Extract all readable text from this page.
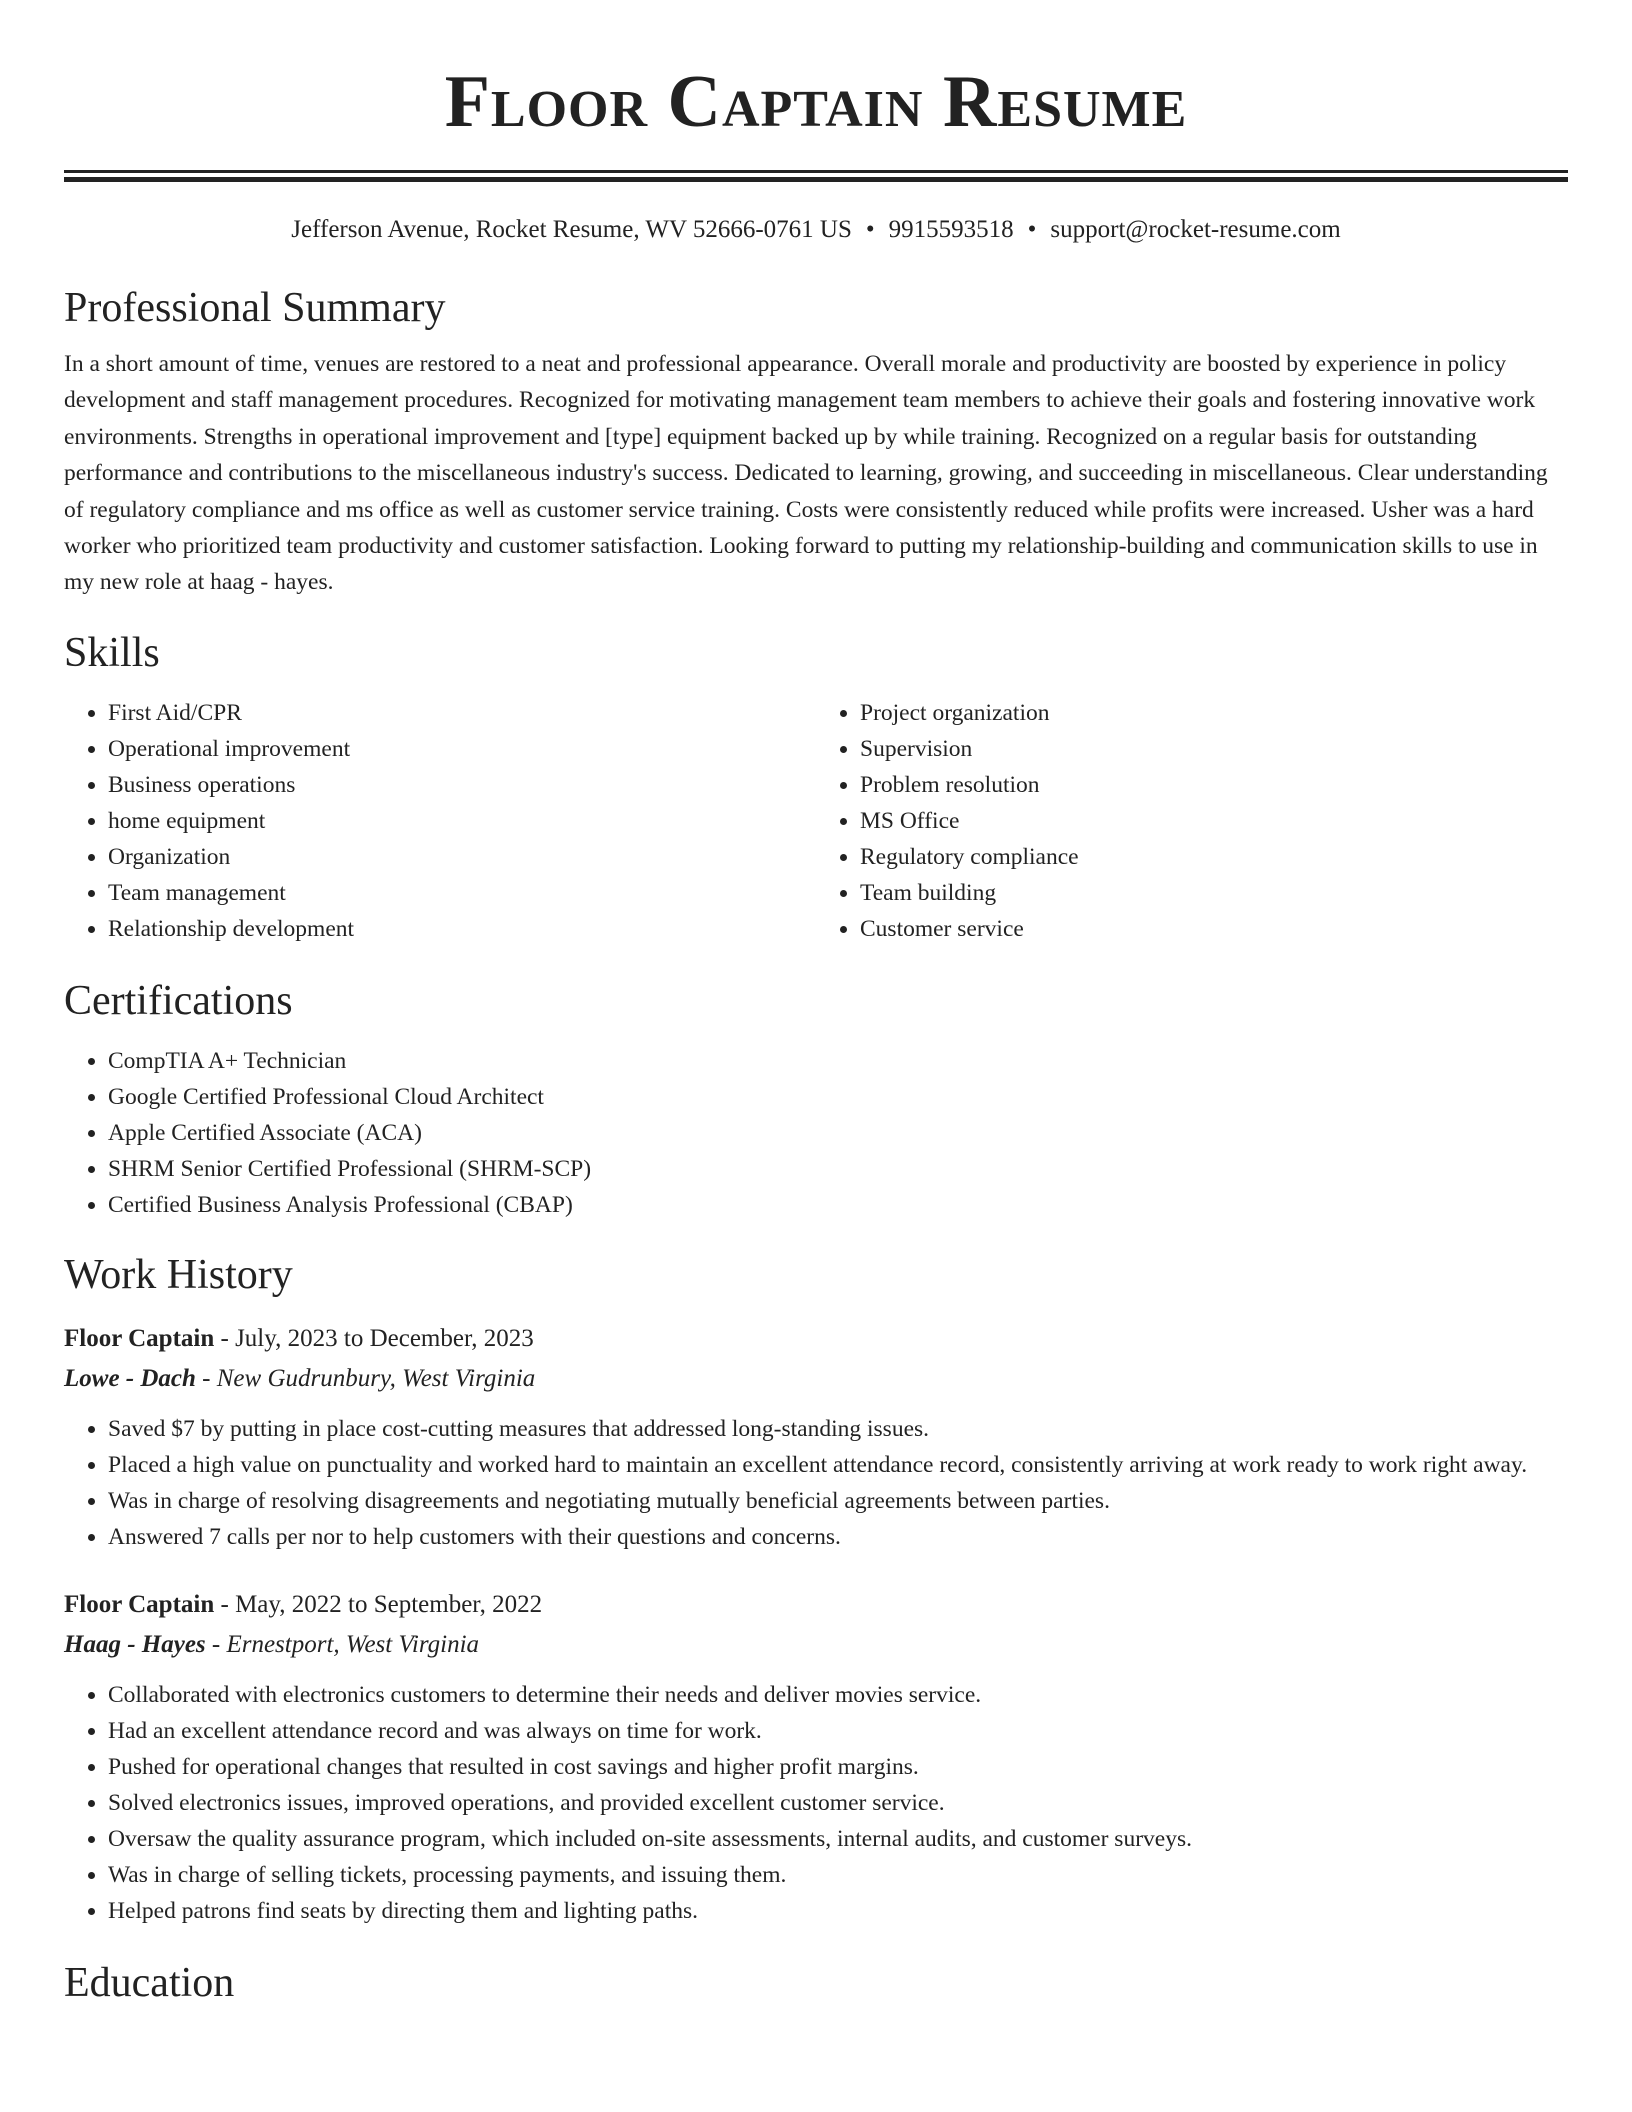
Floor Captain Resume
Jefferson Avenue, Rocket Resume, WV 52666-0761 US • 9915593518 • support@rocket-resume.com
Professional Summary

In a short amount of time, venues are restored to a neat and professional appearance. Overall morale and productivity are boosted by experience in policy development and staff management procedures. Recognized for motivating management team members to achieve their goals and fostering innovative work environments. Strengths in operational improvement and [type] equipment backed up by while training. Recognized on a regular basis for outstanding performance and contributions to the miscellaneous industry's success. Dedicated to learning, growing, and succeeding in miscellaneous. Clear understanding of regulatory compliance and ms office as well as customer service training. Costs were consistently reduced while profits were increased. Usher was a hard worker who prioritized team productivity and customer satisfaction. Looking forward to putting my relationship-building and communication skills to use in my new role at haag - hayes.

Skills
• First Aid/CPR
• Operational improvement
• Business operations
• home equipment
• Organization
• Team management
• Relationship development
• Project organization
• Supervision
• Problem resolution
• MS Office
• Regulatory compliance
• Team building
• Customer service
Certifications
• CompTIA A+ Technician
• Google Certified Professional Cloud Architect
• Apple Certified Associate (ACA)
• SHRM Senior Certified Professional (SHRM-SCP)
• Certified Business Analysis Professional (CBAP)
Work History
Floor Captain - July, 2023 to December, 2023
Lowe - Dach - New Gudrunbury, West Virginia
• Saved $7 by putting in place cost-cutting measures that addressed long-standing issues.
• Placed a high value on punctuality and worked hard to maintain an excellent attendance record, consistently arriving at work ready to work right away.
• Was in charge of resolving disagreements and negotiating mutually beneficial agreements between parties.
• Answered 7 calls per nor to help customers with their questions and concerns.
Floor Captain - May, 2022 to September, 2022
Haag - Hayes - Ernestport, West Virginia
• Collaborated with electronics customers to determine their needs and deliver movies service.
• Had an excellent attendance record and was always on time for work.
• Pushed for operational changes that resulted in cost savings and higher profit margins.
• Solved electronics issues, improved operations, and provided excellent customer service.
• Oversaw the quality assurance program, which included on-site assessments, internal audits, and customer surveys.
• Was in charge of selling tickets, processing payments, and issuing them.
• Helped patrons find seats by directing them and lighting paths.
Education
